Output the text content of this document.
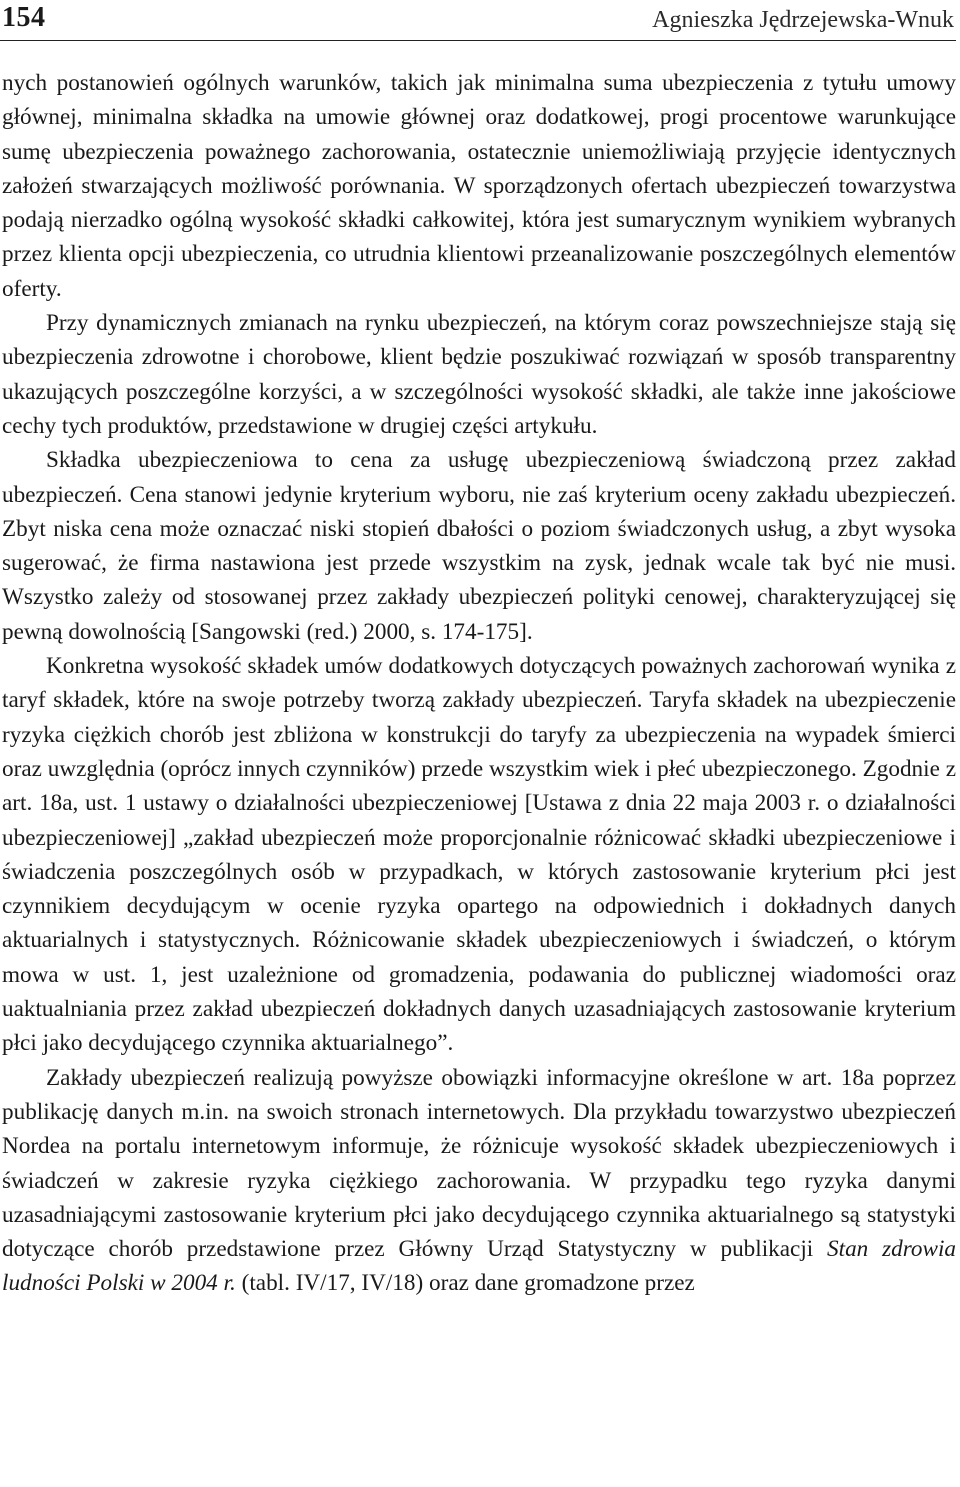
154	Agnieszka Jędrzejewska-Wnuk

nych postanowień ogólnych warunków, takich jak minimalna suma ubezpieczenia z tytułu umowy głównej, minimalna składka na umowie głównej oraz dodatkowej, progi procentowe warunkujące sumę ubezpieczenia poważnego zachorowania, ostatecznie uniemożliwiają przyjęcie identycznych założeń stwarzających możliwość porównania. W sporządzonych ofertach ubezpieczeń towarzystwa podają nierzadko ogólną wysokość składki całkowitej, która jest sumarycznym wynikiem wybranych przez klienta opcji ubezpieczenia, co utrudnia klientowi przeanalizowanie poszczególnych elementów oferty.

Przy dynamicznych zmianach na rynku ubezpieczeń, na którym coraz powszechniejsze stają się ubezpieczenia zdrowotne i chorobowe, klient będzie poszukiwać rozwiązań w sposób transparentny ukazujących poszczególne korzyści, a w szczególności wysokość składki, ale także inne jakościowe cechy tych produktów, przedstawione w drugiej części artykułu.

Składka ubezpieczeniowa to cena za usługę ubezpieczeniową świadczoną przez zakład ubezpieczeń. Cena stanowi jedynie kryterium wyboru, nie zaś kryterium oceny zakładu ubezpieczeń. Zbyt niska cena może oznaczać niski stopień dbałości o poziom świadczonych usług, a zbyt wysoka sugerować, że firma nastawiona jest przede wszystkim na zysk, jednak wcale tak być nie musi. Wszystko zależy od stosowanej przez zakłady ubezpieczeń polityki cenowej, charakteryzującej się pewną dowolnością [Sangowski (red.) 2000, s. 174-175].

Konkretna wysokość składek umów dodatkowych dotyczących poważnych zachorowań wynika z taryf składek, które na swoje potrzeby tworzą zakłady ubezpieczeń. Taryfa składek na ubezpieczenie ryzyka ciężkich chorób jest zbliżona w konstrukcji do taryfy za ubezpieczenia na wypadek śmierci oraz uwzględnia (oprócz innych czynników) przede wszystkim wiek i płeć ubezpieczonego. Zgodnie z art. 18a, ust. 1 ustawy o działalności ubezpieczeniowej [Ustawa z dnia 22 maja 2003 r. o działalności ubezpieczeniowej] „zakład ubezpieczeń może proporcjonalnie różnicować składki ubezpieczeniowe i świadczenia poszczególnych osób w przypadkach, w których zastosowanie kryterium płci jest czynnikiem decydującym w ocenie ryzyka opartego na odpowiednich i dokładnych danych aktuarialnych i statystycznych. Różnicowanie składek ubezpieczeniowych i świadczeń, o którym mowa w ust. 1, jest uzależnione od gromadzenia, podawania do publicznej wiadomości oraz uaktualniania przez zakład ubezpieczeń dokładnych danych uzasadniających zastosowanie kryterium płci jako decydującego czynnika aktuarialnego”.

Zakłady ubezpieczeń realizują powyższe obowiązki informacyjne określone w art. 18a poprzez publikację danych m.in. na swoich stronach internetowych. Dla przykładu towarzystwo ubezpieczeń Nordea na portalu internetowym informuje, że różnicuje wysokość składek ubezpieczeniowych i świadczeń w zakresie ryzyka ciężkiego zachorowania. W przypadku tego ryzyka danymi uzasadniającymi zastosowanie kryterium płci jako decydującego czynnika aktuarialnego są statystyki dotyczące chorób przedstawione przez Główny Urząd Statystyczny w publikacji Stan zdrowia ludności Polski w 2004 r. (tabl. IV/17, IV/18) oraz dane gromadzone przez
